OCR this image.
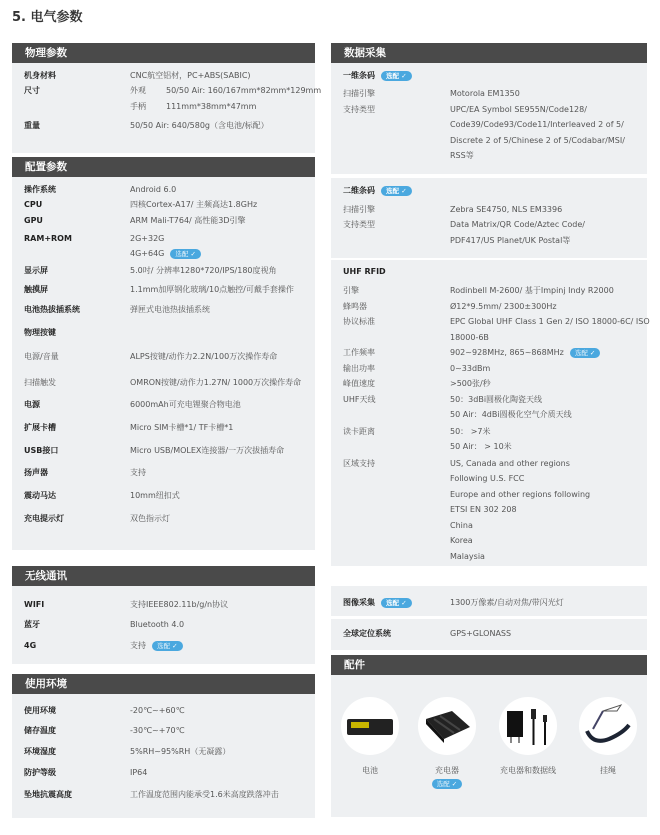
5. 电气参数
物理参数
机身材料	CNC航空铝材，PC+ABS(SABIC)
尺寸	外观	50/50 Air: 160/167mm*82mm*129mm
手柄	111mm*38mm*47mm
重量	50/50 Air: 640/580g（含电池/标配）
配置参数
操作系统	Android 6.0
CPU	四核Cortex-A17/ 主频高达1.8GHz
GPU	ARM Mali-T764/ 高性能3D引擎
RAM+ROM	2G+32G
4G+64G 选配 ✓
显示屏	5.0吋/ 分辨率1280*720/IPS/180度视角
触摸屏	1.1mm加厚钢化玻璃/10点触控/可戴手套操作
电池热拔插系统	弹匣式电池热拔插系统
物理按键
电源/音量	ALPS按键/动作力2.2N/100万次操作寿命
扫描触发	OMRON按键/动作力1.27N/ 1000万次操作寿命
电源	6000mAh可充电锂聚合物电池
扩展卡槽	Micro SIM卡槽*1/ TF卡槽*1
USB接口	Micro USB/MOLEX连接器/一万次拔插寿命
扬声器	支持
震动马达	10mm纽扣式
充电提示灯	双色指示灯
无线通讯
WIFI	支持IEEE802.11b/g/n协议
蓝牙	Bluetooth 4.0
4G	支持 选配 ✓
使用环境
使用环境	-20℃~+60℃
储存温度	-30℃~+70℃
环境湿度	5%RH~95%RH（无凝露）
防护等级	IP64
坠地抗震高度	工作温度范围内能承受1.6米高度跌落冲击
数据采集
一维条码 选配 ✓
扫描引擎	Motorola EM1350
支持类型	UPC/EA Symbol SE955N/Code128/
Code39/Code93/Code11/Interleaved 2 of 5/
Discrete 2 of 5/Chinese 2 of 5/Codabar/MSI/
RSS等
二维条码 选配 ✓
扫描引擎	Zebra SE4750, NLS EM3396
支持类型	Data Matrix/QR Code/Aztec Code/
PDF417/US Planet/UK Postal等
UHF RFID
引擎	Rodinbell M-2600/ 基于Impinj Indy R2000
蜂鸣器	Ø12*9.5mm/ 2300±300Hz
协议标准	EPC Global UHF Class 1 Gen 2/ ISO 18000-6C/ ISO
18000-6B
工作频率	902~928MHz, 865~868MHz 选配 ✓
输出功率	0~33dBm
峰值速度	>500张/秒
UHF天线	50：3dBi圆极化陶瓷天线
50 Air：4dBi圆极化空气介质天线
读卡距离	50： >7米
50 Air： > 10米
区域支持	US, Canada and other regions
Following U.S. FCC
Europe and other regions following
ETSI EN 302 208
China
Korea
Malaysia
图像采集 选配 ✓	1300万像素/自动对焦/带闪光灯
全球定位系统	GPS+GLONASS
配件
电池	充电器
选配 ✓
充电器和数据线	挂绳
